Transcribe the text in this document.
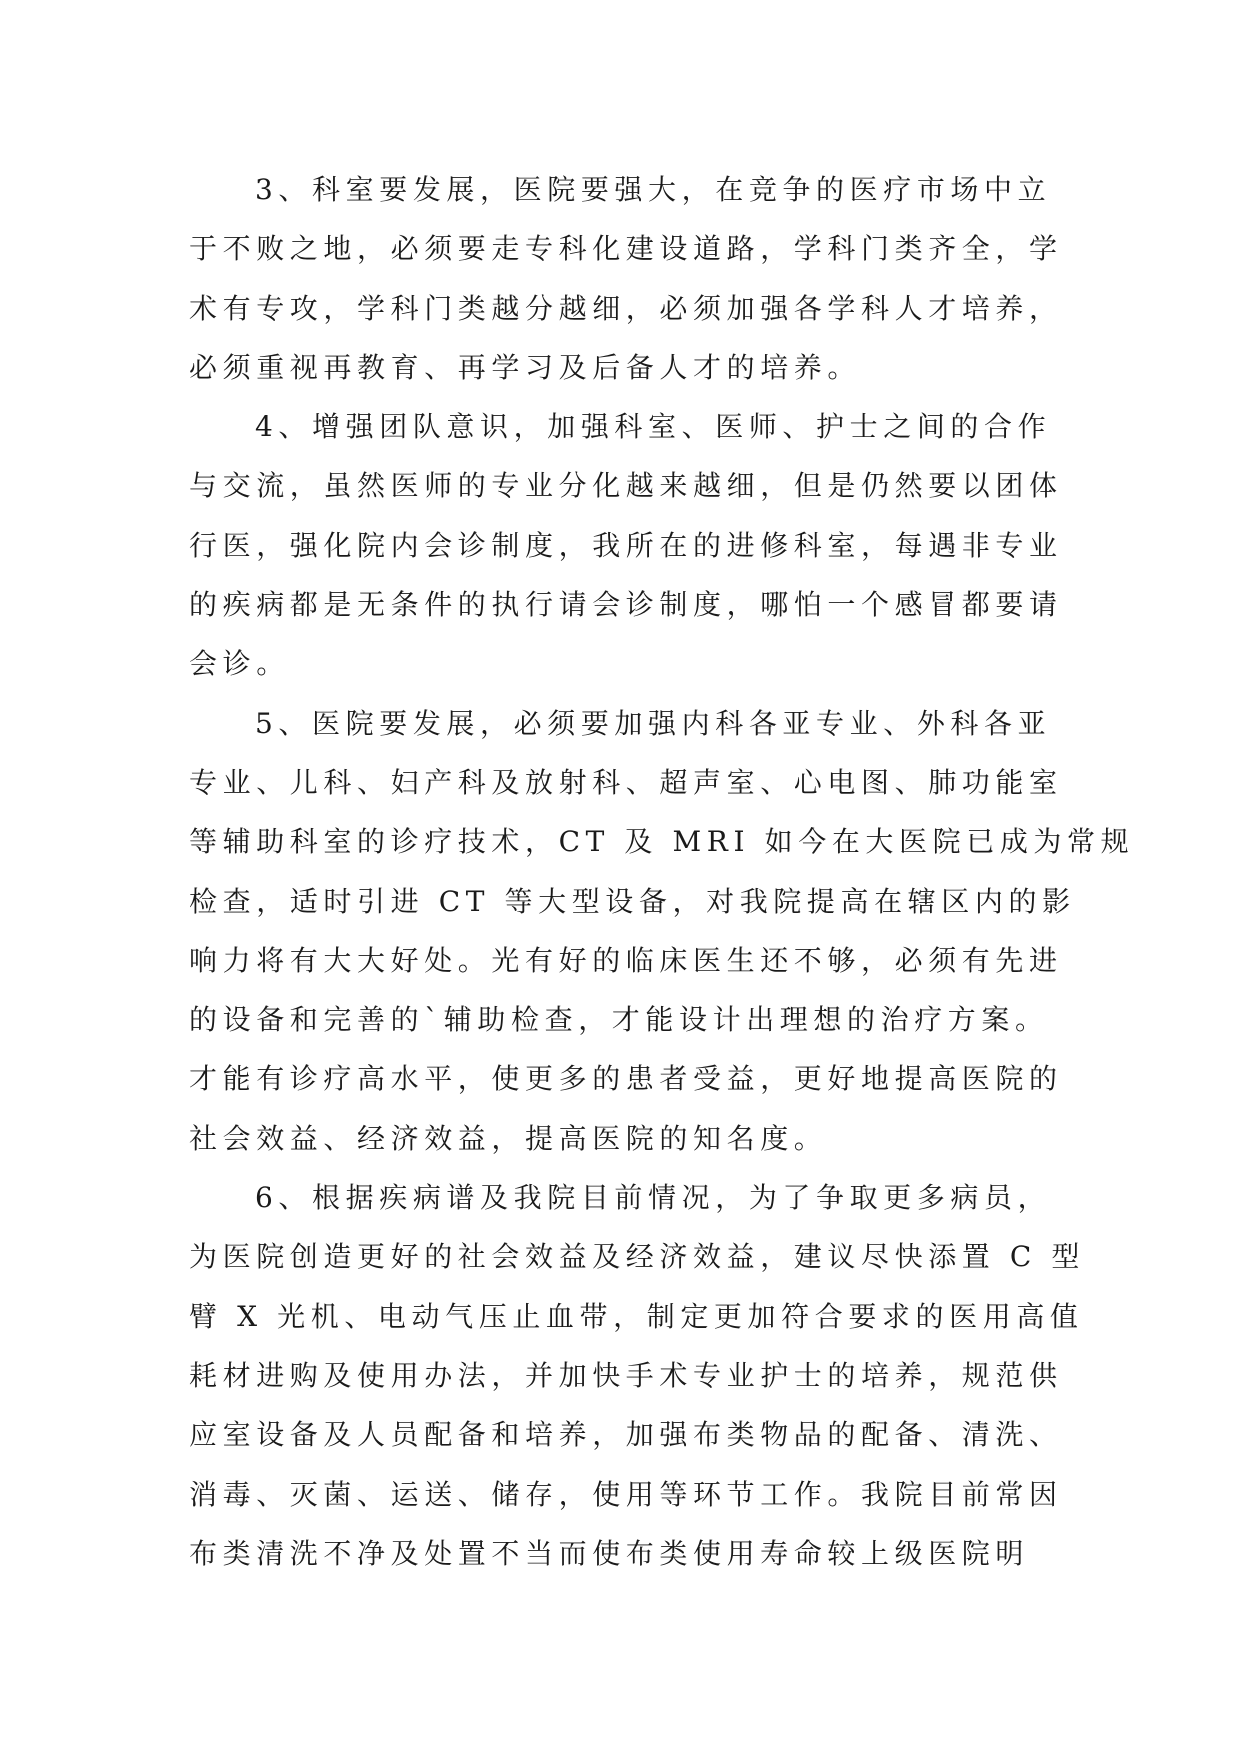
3、科室要发展，医院要强大，在竞争的医疗市场中立
于不败之地，必须要走专科化建设道路，学科门类齐全，学
术有专攻，学科门类越分越细，必须加强各学科人才培养，
必须重视再教育、再学习及后备人才的培养。
4、增强团队意识，加强科室、医师、护士之间的合作
与交流，虽然医师的专业分化越来越细，但是仍然要以团体
行医，强化院内会诊制度，我所在的进修科室，每遇非专业
的疾病都是无条件的执行请会诊制度，哪怕一个感冒都要请
会诊。
5、医院要发展，必须要加强内科各亚专业、外科各亚
专业、儿科、妇产科及放射科、超声室、心电图、肺功能室
等辅助科室的诊疗技术，CT 及 MRI 如今在大医院已成为常规
检查，适时引进 CT 等大型设备，对我院提高在辖区内的影
响力将有大大好处。光有好的临床医生还不够，必须有先进
的设备和完善的`辅助检查，才能设计出理想的治疗方案。
才能有诊疗高水平，使更多的患者受益，更好地提高医院的
社会效益、经济效益，提高医院的知名度。
6、根据疾病谱及我院目前情况，为了争取更多病员，
为医院创造更好的社会效益及经济效益，建议尽快添置 C 型
臂 X 光机、电动气压止血带，制定更加符合要求的医用高值
耗材进购及使用办法，并加快手术专业护士的培养，规范供
应室设备及人员配备和培养，加强布类物品的配备、清洗、
消毒、灭菌、运送、储存，使用等环节工作。我院目前常因
布类清洗不净及处置不当而使布类使用寿命较上级医院明
